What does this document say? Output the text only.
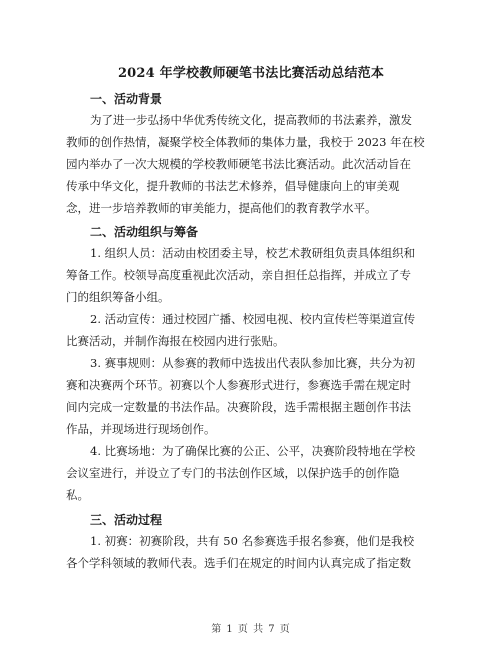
2024 年学校教师硬笔书法比赛活动总结范本
一、活动背景
为了进一步弘扬中华优秀传统文化，提高教师的书法素养，激发
教师的创作热情，凝聚学校全体教师的集体力量，我校于 2023 年在校
园内举办了一次大规模的学校教师硬笔书法比赛活动。此次活动旨在
传承中华文化，提升教师的书法艺术修养，倡导健康向上的审美观
念，进一步培养教师的审美能力，提高他们的教育教学水平。
二、活动组织与筹备
1. 组织人员：活动由校团委主导，校艺术教研组负责具体组织和
筹备工作。校领导高度重视此次活动，亲自担任总指挥，并成立了专
门的组织筹备小组。
2. 活动宣传：通过校园广播、校园电视、校内宣传栏等渠道宣传
比赛活动，并制作海报在校园内进行张贴。
3. 赛事规则：从参赛的教师中选拔出代表队参加比赛，共分为初
赛和决赛两个环节。初赛以个人参赛形式进行，参赛选手需在规定时
间内完成一定数量的书法作品。决赛阶段，选手需根据主题创作书法
作品，并现场进行现场创作。
4. 比赛场地：为了确保比赛的公正、公平，决赛阶段特地在学校
会议室进行，并设立了专门的书法创作区域，以保护选手的创作隐
私。
三、活动过程
1. 初赛：初赛阶段，共有 50 名参赛选手报名参赛，他们是我校
各个学科领域的教师代表。选手们在规定的时间内认真完成了指定数
第 1 页 共 7 页
